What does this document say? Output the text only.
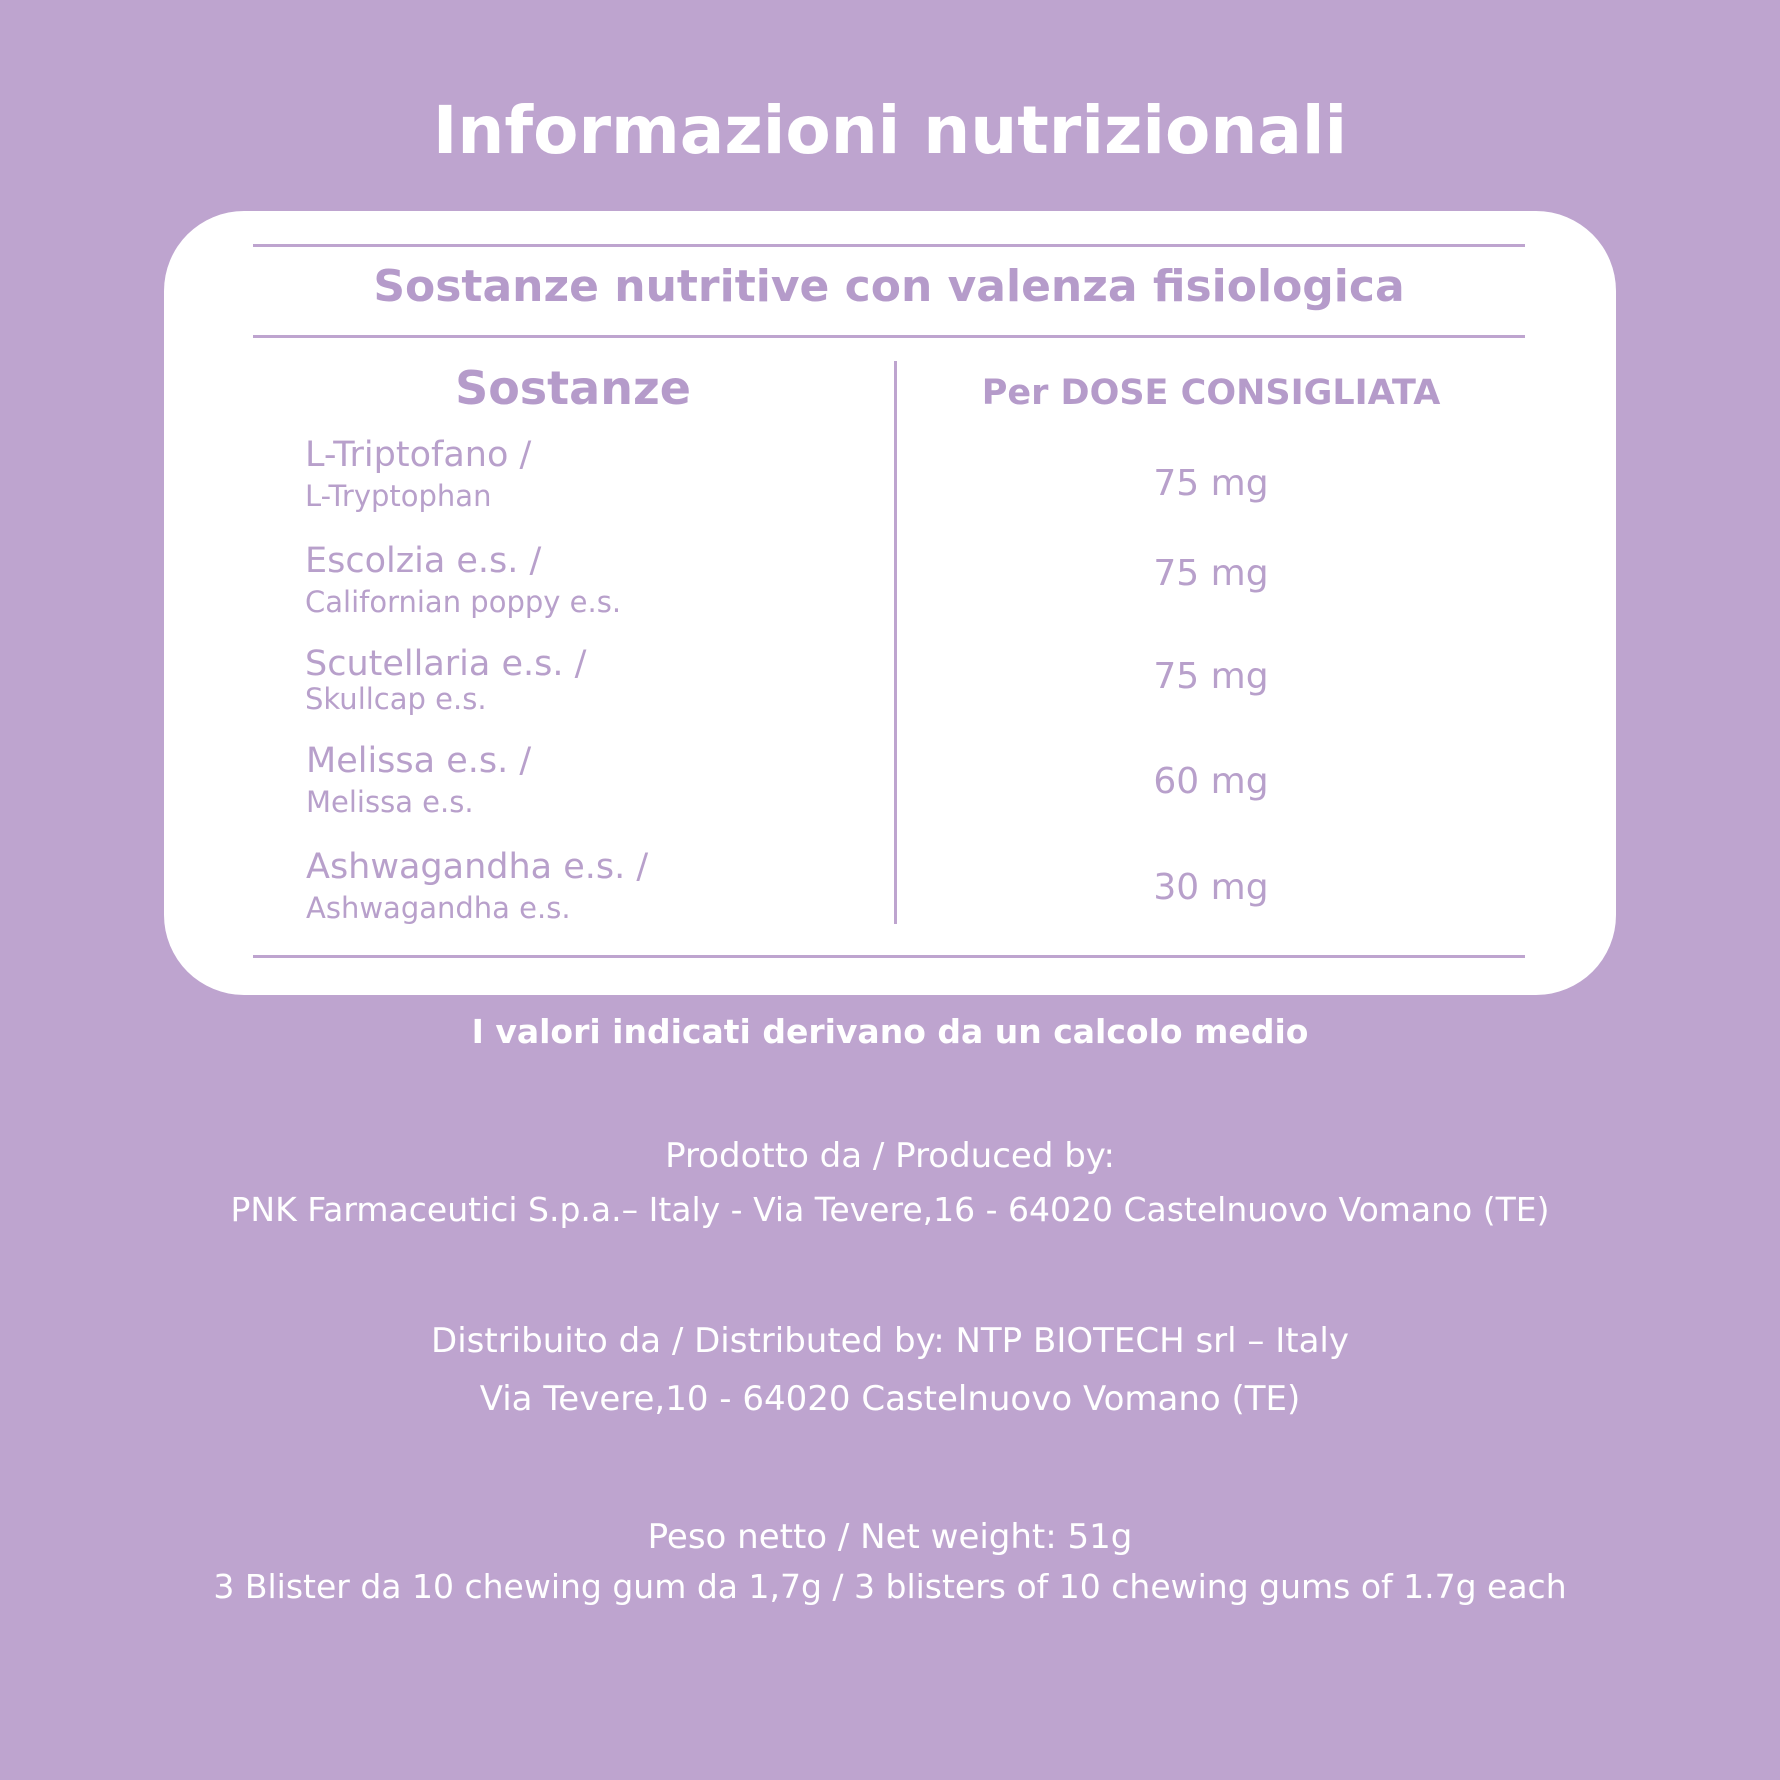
Informazioni nutrizionali
Sostanze nutritive con valenza fisiologica
Sostanze	Per DOSE CONSIGLIATA
L-Triptofano /
L-Tryptophan	75 mg
Escolzia e.s. /
Californian poppy e.s.
75 mg
Scutellaria e.s. /
Skullcap e.s.
75 mg
Melissa e.s. /
Melissa e.s.	60 mg
Ashwagandha e.s. /
Ashwagandha e.s.	30 mg
I valori indicati derivano da un calcolo medio
Prodotto da / Produced by:
PNK Farmaceutici S.p.a.– Italy - Via Tevere,16 - 64020 Castelnuovo Vomano (TE)
Distribuito da / Distributed by: NTP BIOTECH srl – Italy
Via Tevere,10 - 64020 Castelnuovo Vomano (TE)
Peso netto / Net weight: 51g
3 Blister da 10 chewing gum da 1,7g / 3 blisters of 10 chewing gums of 1.7g each
